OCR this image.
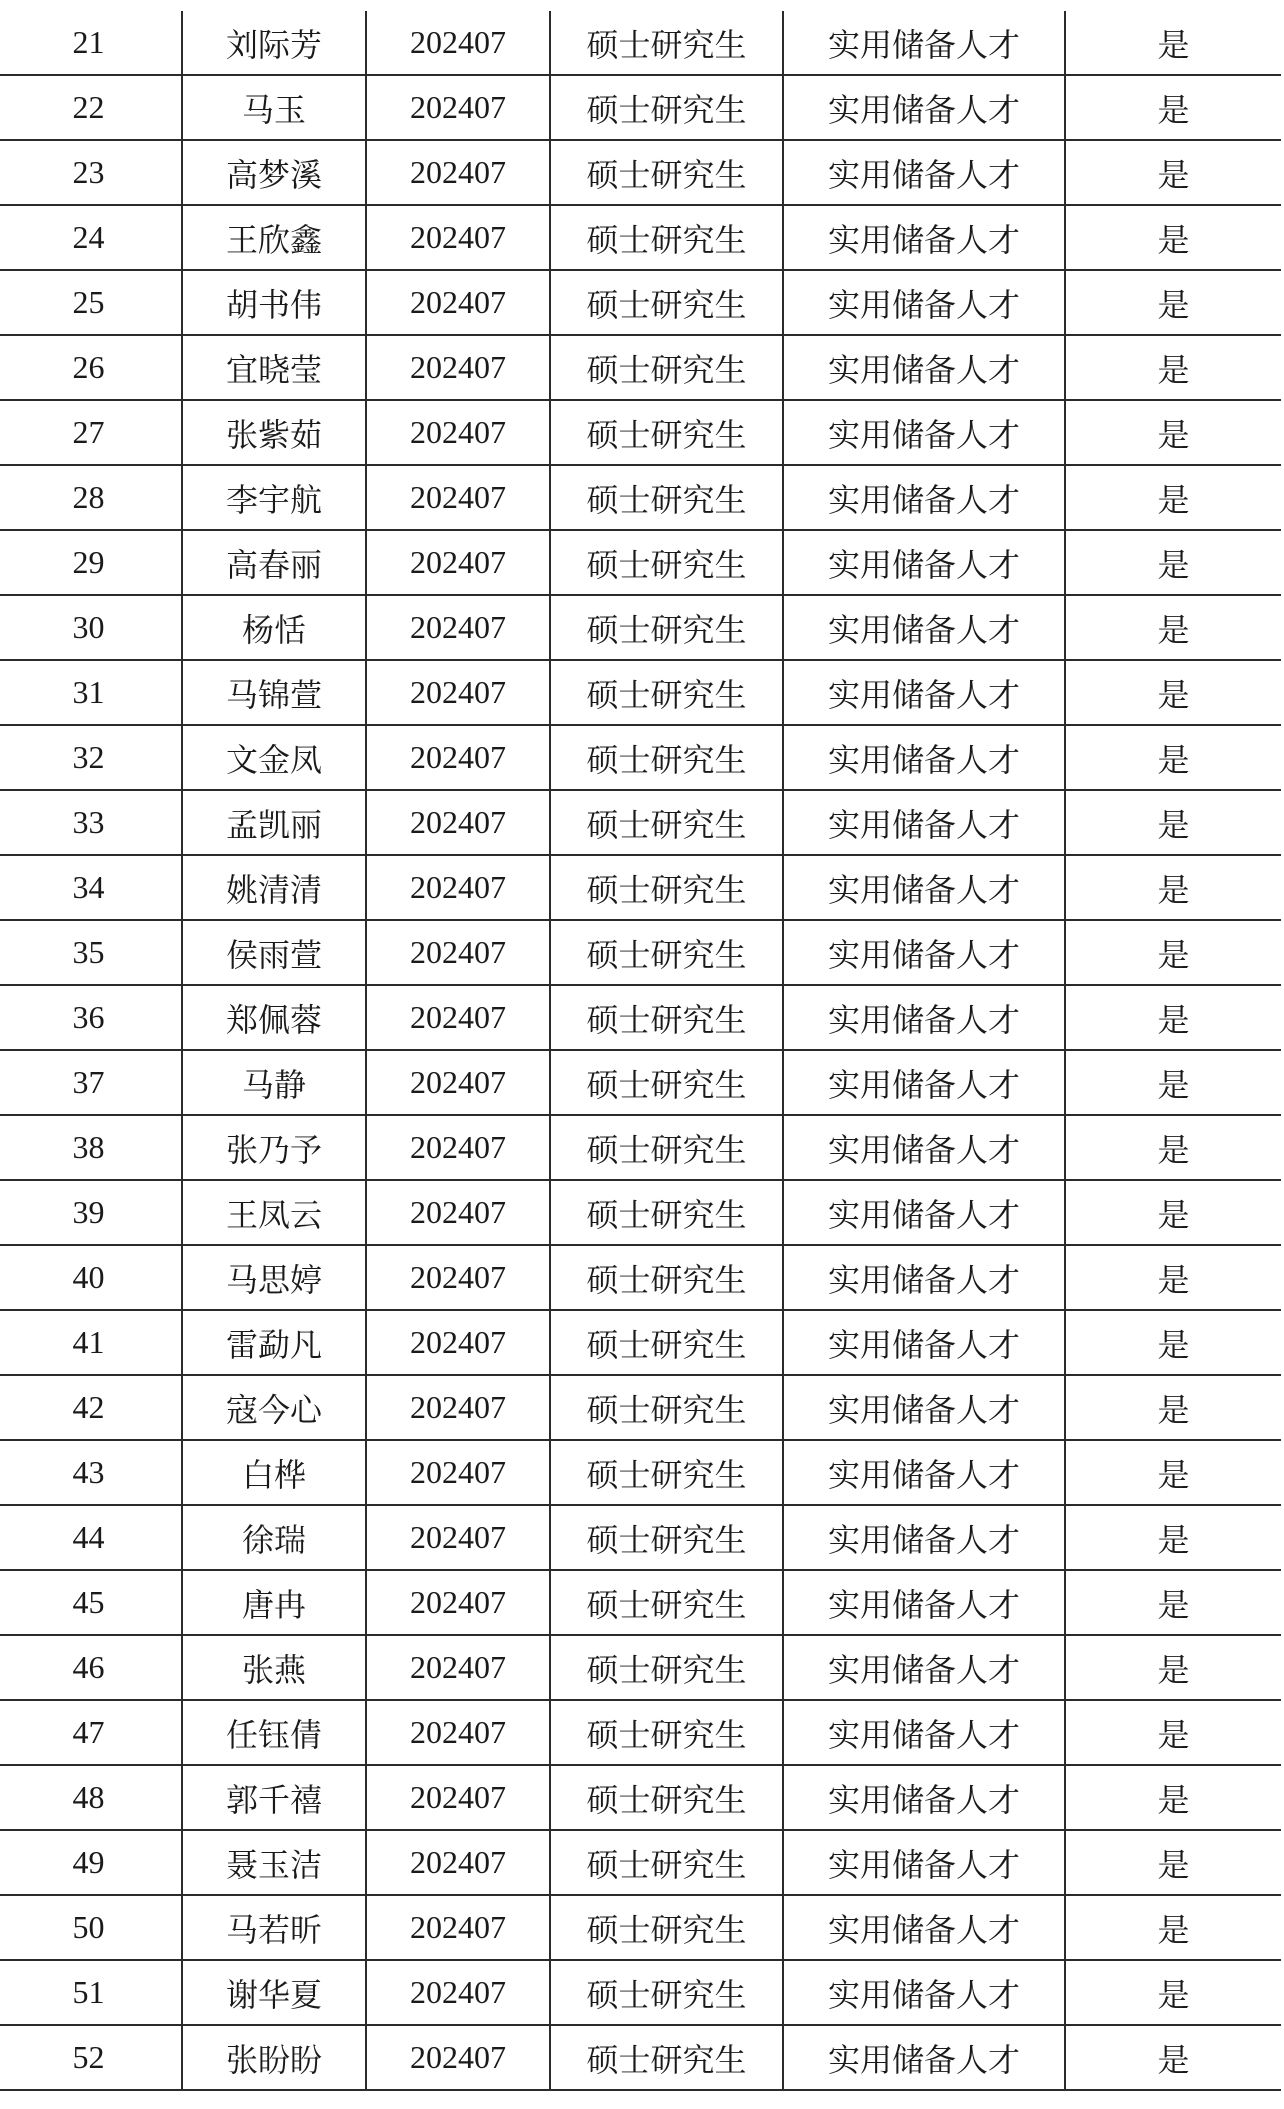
21	刘际芳	202407	硕士研究生	实用储备人才	是
22	马玉	202407	硕士研究生	实用储备人才	是
23	高梦溪	202407	硕士研究生	实用储备人才	是
24	王欣鑫	202407	硕士研究生	实用储备人才	是
25	胡书伟	202407	硕士研究生	实用储备人才	是
26	宜晓莹	202407	硕士研究生	实用储备人才	是
27	张紫茹	202407	硕士研究生	实用储备人才	是
28	李宇航	202407	硕士研究生	实用储备人才	是
29	高春丽	202407	硕士研究生	实用储备人才	是
30	杨恬	202407	硕士研究生	实用储备人才	是
31	马锦萱	202407	硕士研究生	实用储备人才	是
32	文金凤	202407	硕士研究生	实用储备人才	是
33	孟凯丽	202407	硕士研究生	实用储备人才	是
34	姚清清	202407	硕士研究生	实用储备人才	是
35	侯雨萱	202407	硕士研究生	实用储备人才	是
36	郑佩蓉	202407	硕士研究生	实用储备人才	是
37	马静	202407	硕士研究生	实用储备人才	是
38	张乃予	202407	硕士研究生	实用储备人才	是
39	王凤云	202407	硕士研究生	实用储备人才	是
40	马思婷	202407	硕士研究生	实用储备人才	是
41	雷勐凡	202407	硕士研究生	实用储备人才	是
42	寇今心	202407	硕士研究生	实用储备人才	是
43	白桦	202407	硕士研究生	实用储备人才	是
44	徐瑞	202407	硕士研究生	实用储备人才	是
45	唐冉	202407	硕士研究生	实用储备人才	是
46	张燕	202407	硕士研究生	实用储备人才	是
47	任钰倩	202407	硕士研究生	实用储备人才	是
48	郭千禧	202407	硕士研究生	实用储备人才	是
49	聂玉洁	202407	硕士研究生	实用储备人才	是
50	马若昕	202407	硕士研究生	实用储备人才	是
51	谢华夏	202407	硕士研究生	实用储备人才	是
52	张盼盼	202407	硕士研究生	实用储备人才	是
